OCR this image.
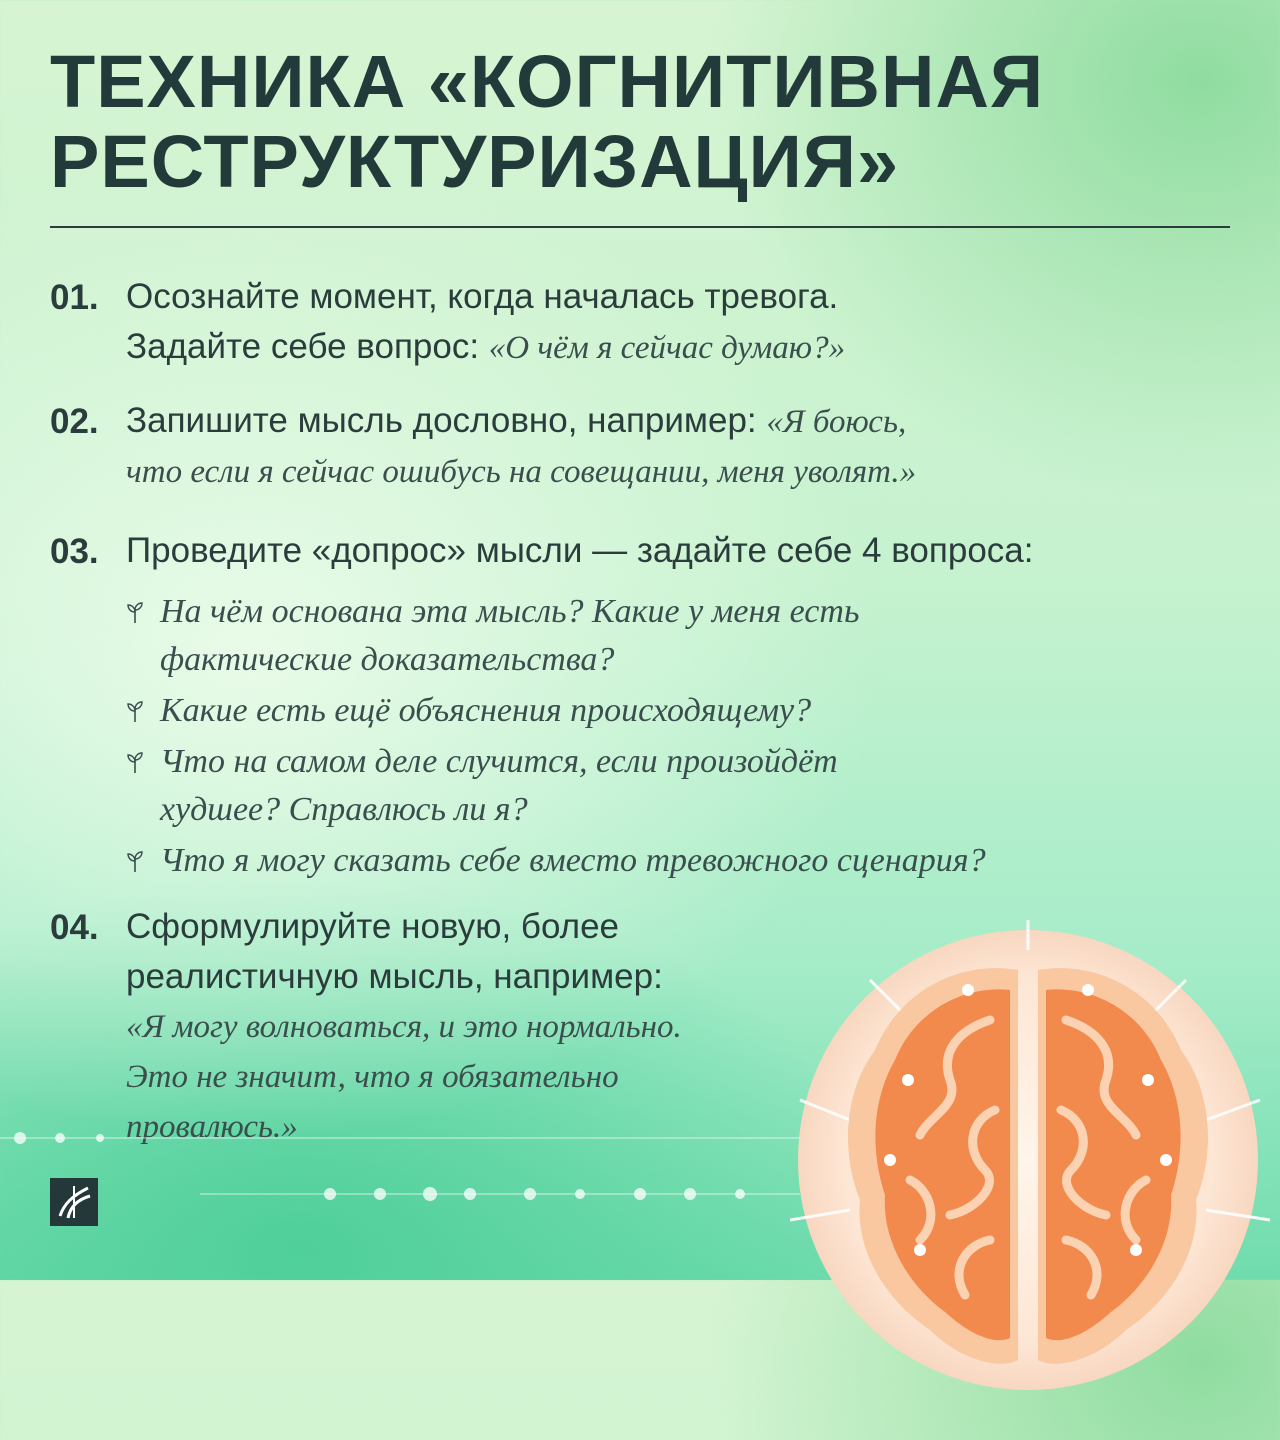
ТЕХНИКА «КОГНИТИВНАЯ
РЕСТРУКТУРИЗАЦИЯ»
01. Осознайте момент, когда началась тревога.
Задайте себе вопрос: «О чём я сейчас думаю?»
02. Запишите мысль дословно, например: «Я боюсь,
что если я сейчас ошибусь на совещании, меня уволят.»
03. Проведите «допрос» мысли — задайте себе 4 вопроса:
На чём основана эта мысль? Какие у меня есть
фактические доказательства?
Какие есть ещё объяснения происходящему?
Что на самом деле случится, если произойдёт
худшее? Справлюсь ли я?
Что я могу сказать себе вместо тревожного сценария?
04. Сформулируйте новую, более
реалистичную мысль, например:
«Я могу волноваться, и это нормально.
Это не значит, что я обязательно
провалюсь.»
